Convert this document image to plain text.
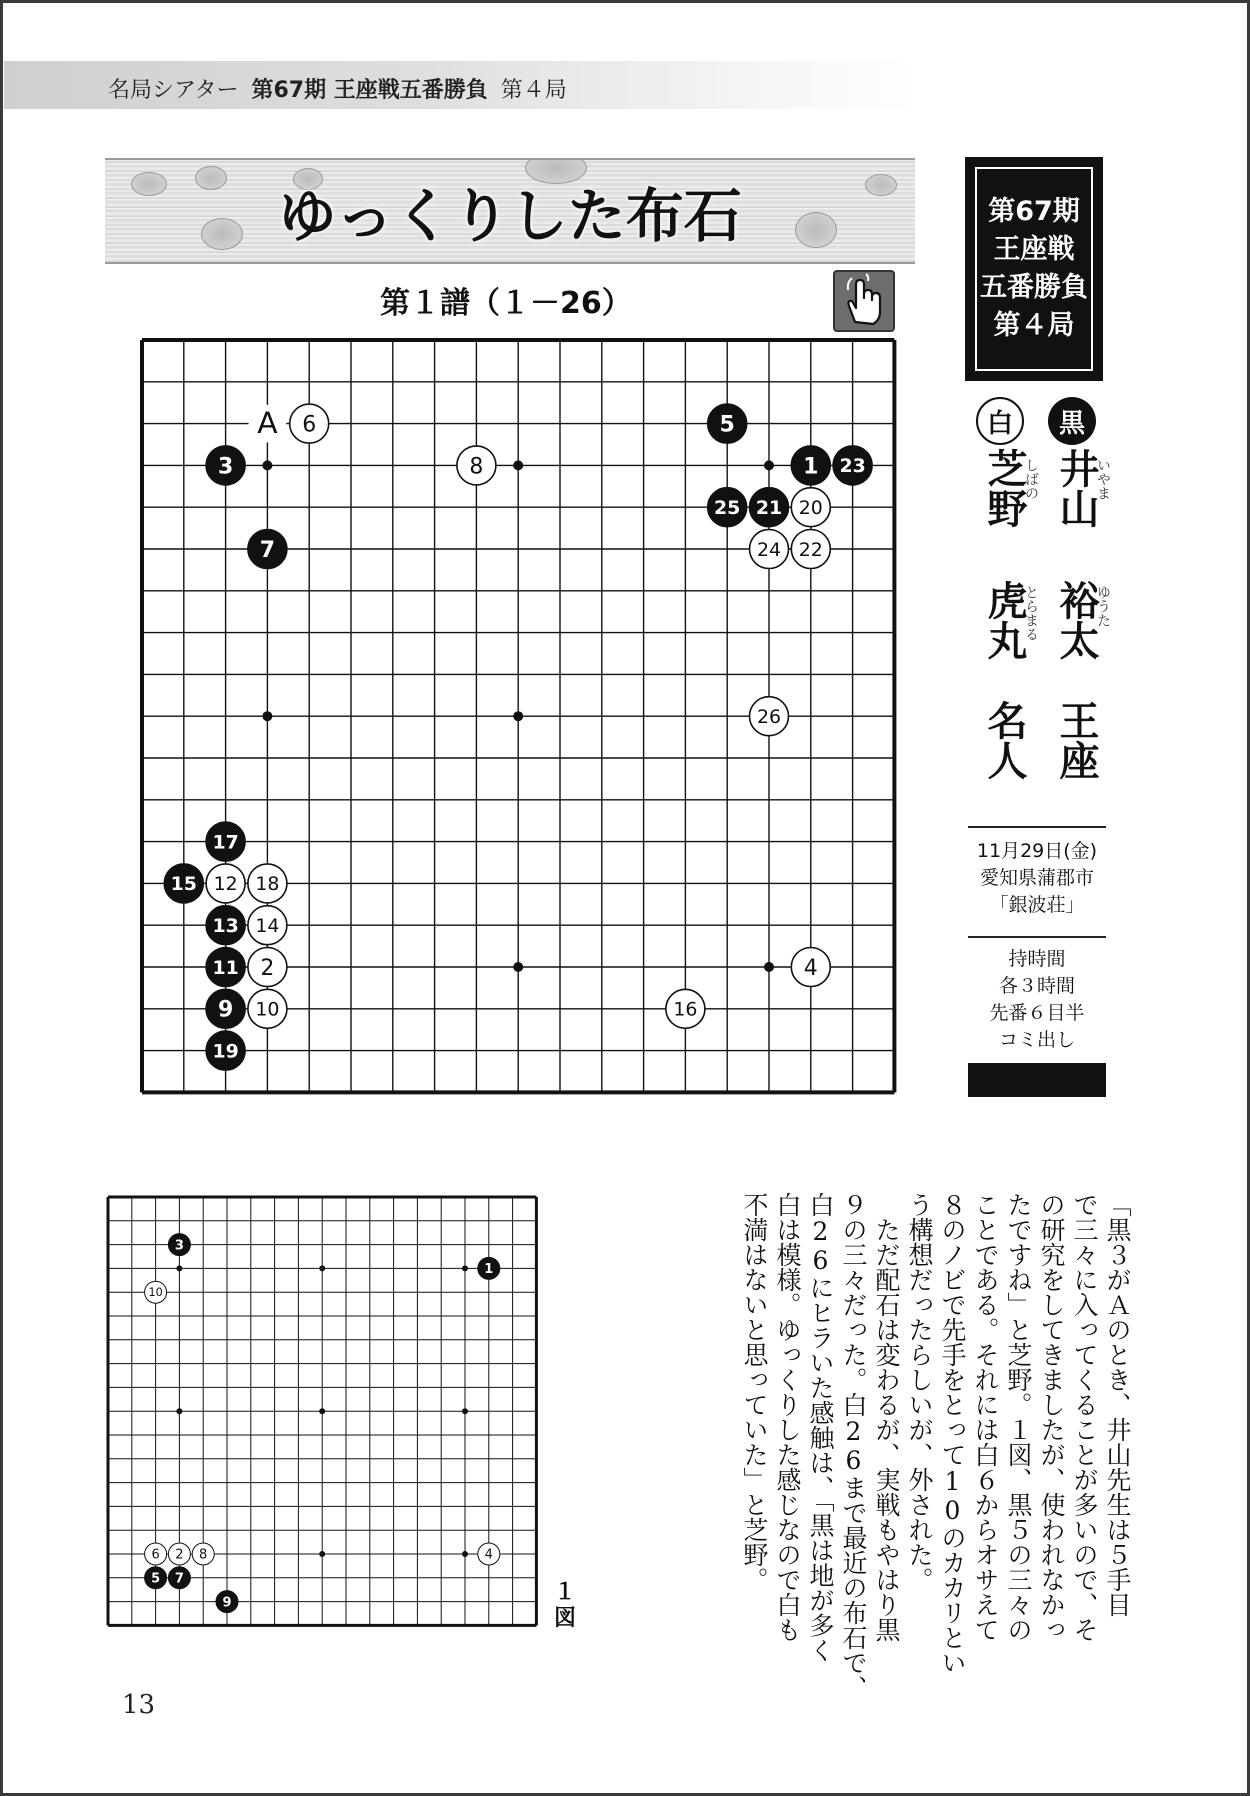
名局シアター 第67期 王座戦五番勝負 第４局
ゆっくりした布石
第１譜（１－26）
A
1
2
3
4
5
6
7
8
9 10
11
12
13 14
15
16
17
18
19
20
21
22
23
24
25
26
第67期
王座戦
五番勝負
第４局
黒
白
井山
いやま
裕太
ゆうた
王座
芝野
しばの
虎丸
とらまる
名人
11月29日(金)
愛知県蒲郡市
「銀波荘」
持時間
各３時間
先番６目半
コミ出し
1
2
3
4
5
6
7
8
9
10
１
図
「黒３がＡのとき、井山先生は５手目
で三々に入ってくることが多いので、そ
の研究をしてきましたが、使われなかっ
たですね」と芝野。１図、黒５の三々の
ことである。それには白６からオサえて
８のノビで先手をとって10のカカリとい
う構想だったらしいが、外された。
　ただ配石は変わるが、実戦もやはり黒
９の三々だった。白26まで最近の布石で、
白26にヒラいた感触は、「黒は地が多く
白は模様。ゆっくりした感じなので白も
不満はないと思っていた」と芝野。
13
